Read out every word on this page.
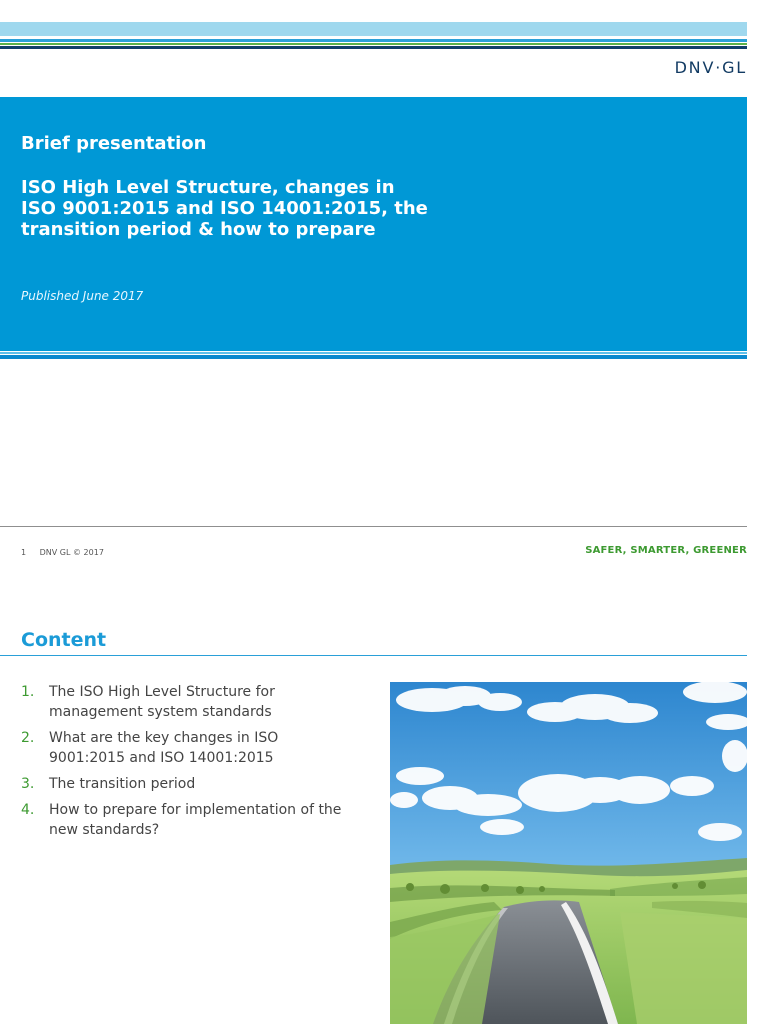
DNV·GL
Brief presentation
ISO High Level Structure, changes in
ISO 9001:2015 and ISO 14001:2015, the
transition period & how to prepare
Published June 2017
1 DNV GL © 2017	SAFER, SMARTER, GREENER
Content
1.	The ISO High Level Structure for
management system standards
2.	What are the key changes in ISO
9001:2015 and ISO 14001:2015
3.	The transition period
4.	How to prepare for implementation of the
new standards?
